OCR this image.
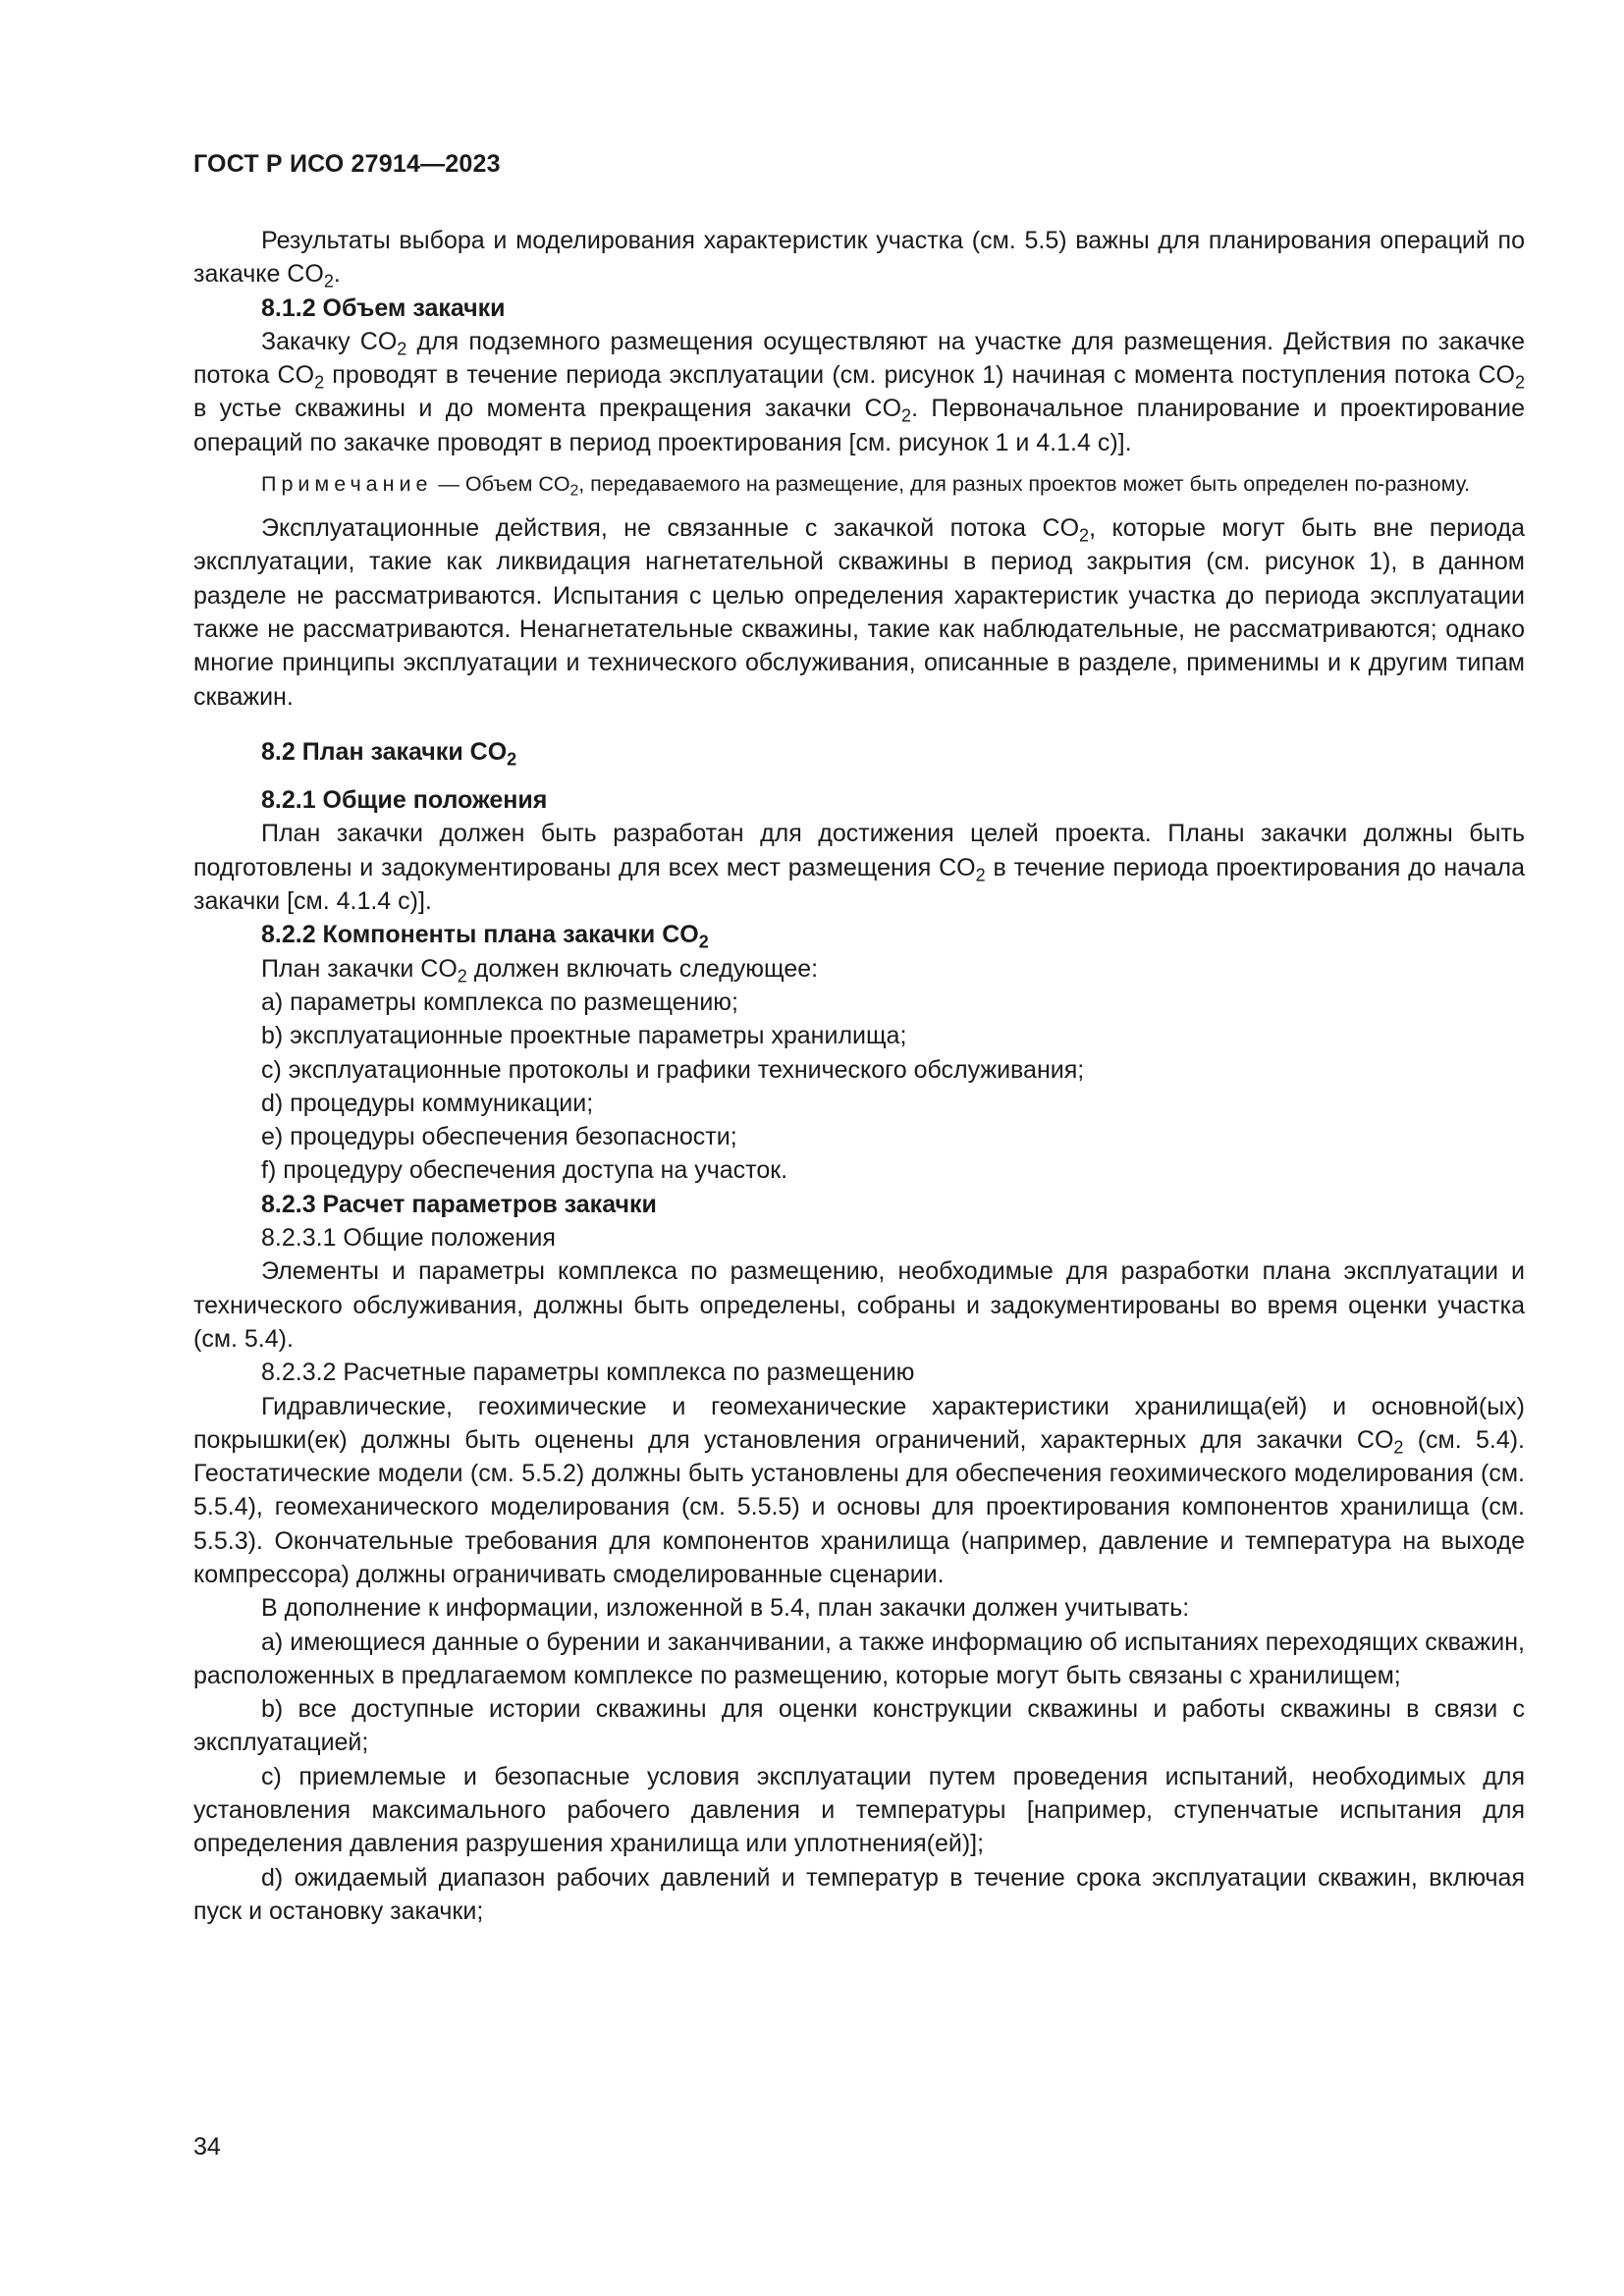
ГОСТ Р ИСО 27914—2023

Результаты выбора и моделирования характеристик участка (см. 5.5) важны для планирования операций по закачке $CO_2$.

8.1.2 Объем закачки

Закачку $CO_2$ для подземного размещения осуществляют на участке для размещения. Действия по закачке потока $CO_2$ проводят в течение периода эксплуатации (см. рисунок 1) начиная с момента поступления потока $CO_2$ в устье скважины и до момента прекращения закачки $CO_2$. Первоначальное планирование и проектирование операций по закачке проводят в период проектирования [см. рисунок 1 и 4.1.4 c)].

Примечание — Объем $CO_2$, передаваемого на размещение, для разных проектов может быть определен по-разному.

Эксплуатационные действия, не связанные с закачкой потока $CO_2$, которые могут быть вне периода эксплуатации, такие как ликвидация нагнетательной скважины в период закрытия (см. рисунок 1), в данном разделе не рассматриваются. Испытания с целью определения характеристик участка до периода эксплуатации также не рассматриваются. Ненагнетательные скважины, такие как наблюдательные, не рассматриваются; однако многие принципы эксплуатации и технического обслуживания, описанные в разделе, применимы и к другим типам скважин.

8.2 План закачки $CO_2$

8.2.1 Общие положения

План закачки должен быть разработан для достижения целей проекта. Планы закачки должны быть подготовлены и задокументированы для всех мест размещения $CO_2$ в течение периода проектирования до начала закачки [см. 4.1.4 c)].

8.2.2 Компоненты плана закачки $CO_2$

План закачки $CO_2$ должен включать следующее:

a) параметры комплекса по размещению;

b) эксплуатационные проектные параметры хранилища;

c) эксплуатационные протоколы и графики технического обслуживания;

d) процедуры коммуникации;

e) процедуры обеспечения безопасности;

f) процедуру обеспечения доступа на участок.

8.2.3 Расчет параметров закачки

8.2.3.1 Общие положения

Элементы и параметры комплекса по размещению, необходимые для разработки плана эксплуатации и технического обслуживания, должны быть определены, собраны и задокументированы во время оценки участка (см. 5.4).

8.2.3.2 Расчетные параметры комплекса по размещению

Гидравлические, геохимические и геомеханические характеристики хранилища(ей) и основной(ых) покрышки(ек) должны быть оценены для установления ограничений, характерных для закачки $CO_2$ (см. 5.4). Геостатические модели (см. 5.5.2) должны быть установлены для обеспечения геохимического моделирования (см. 5.5.4), геомеханического моделирования (см. 5.5.5) и основы для проектирования компонентов хранилища (см. 5.5.3). Окончательные требования для компонентов хранилища (например, давление и температура на выходе компрессора) должны ограничивать смоделированные сценарии.

В дополнение к информации, изложенной в 5.4, план закачки должен учитывать:

a) имеющиеся данные о бурении и заканчивании, а также информацию об испытаниях переходящих скважин, расположенных в предлагаемом комплексе по размещению, которые могут быть связаны с хранилищем;

b) все доступные истории скважины для оценки конструкции скважины и работы скважины в связи с эксплуатацией;

c) приемлемые и безопасные условия эксплуатации путем проведения испытаний, необходимых для установления максимального рабочего давления и температуры [например, ступенчатые испытания для определения давления разрушения хранилища или уплотнения(ей)];

d) ожидаемый диапазон рабочих давлений и температур в течение срока эксплуатации скважин, включая пуск и остановку закачки;

34
